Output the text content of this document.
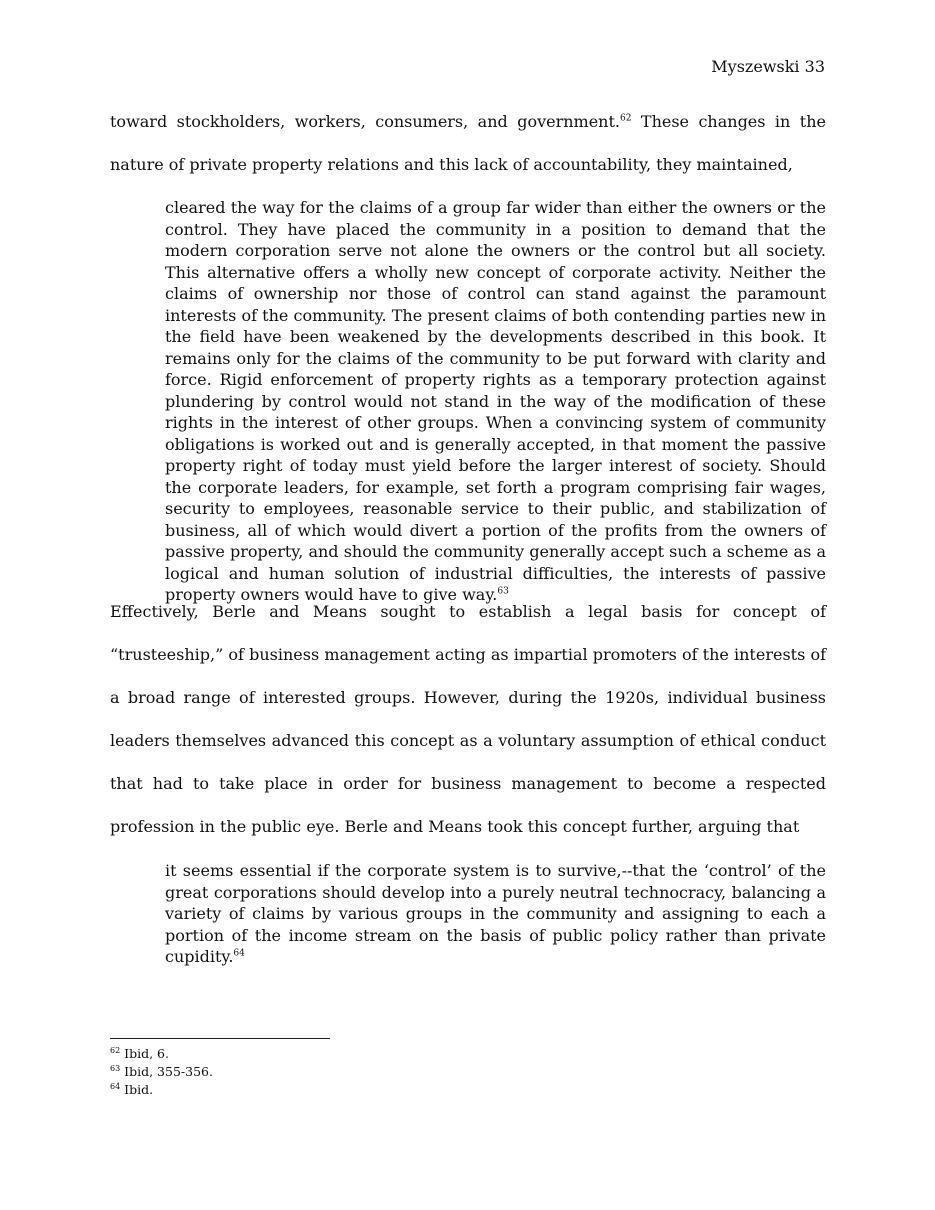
Myszewski 33

toward stockholders, workers, consumers, and government.$^{62}$ These changes in the nature of private property relations and this lack of accountability, they maintained,

cleared the way for the claims of a group far wider than either the owners or the control. They have placed the community in a position to demand that the modern corporation serve not alone the owners or the control but all society. This alternative offers a wholly new concept of corporate activity. Neither the claims of ownership nor those of control can stand against the paramount interests of the community. The present claims of both contending parties new in the field have been weakened by the developments described in this book. It remains only for the claims of the community to be put forward with clarity and force. Rigid enforcement of property rights as a temporary protection against plundering by control would not stand in the way of the modification of these rights in the interest of other groups. When a convincing system of community obligations is worked out and is generally accepted, in that moment the passive property right of today must yield before the larger interest of society. Should the corporate leaders, for example, set forth a program comprising fair wages, security to employees, reasonable service to their public, and stabilization of business, all of which would divert a portion of the profits from the owners of passive property, and should the community generally accept such a scheme as a logical and human solution of industrial difficulties, the interests of passive property owners would have to give way.$^{63}$

Effectively, Berle and Means sought to establish a legal basis for concept of “trusteeship,” of business management acting as impartial promoters of the interests of a broad range of interested groups. However, during the 1920s, individual business leaders themselves advanced this concept as a voluntary assumption of ethical conduct that had to take place in order for business management to become a respected profession in the public eye. Berle and Means took this concept further, arguing that

it seems essential if the corporate system is to survive,--that the ‘control’ of the great corporations should develop into a purely neutral technocracy, balancing a variety of claims by various groups in the community and assigning to each a portion of the income stream on the basis of public policy rather than private cupidity.$^{64}$

$^{62}$ Ibid, 6.
$^{63}$ Ibid, 355-356.
$^{64}$ Ibid.
